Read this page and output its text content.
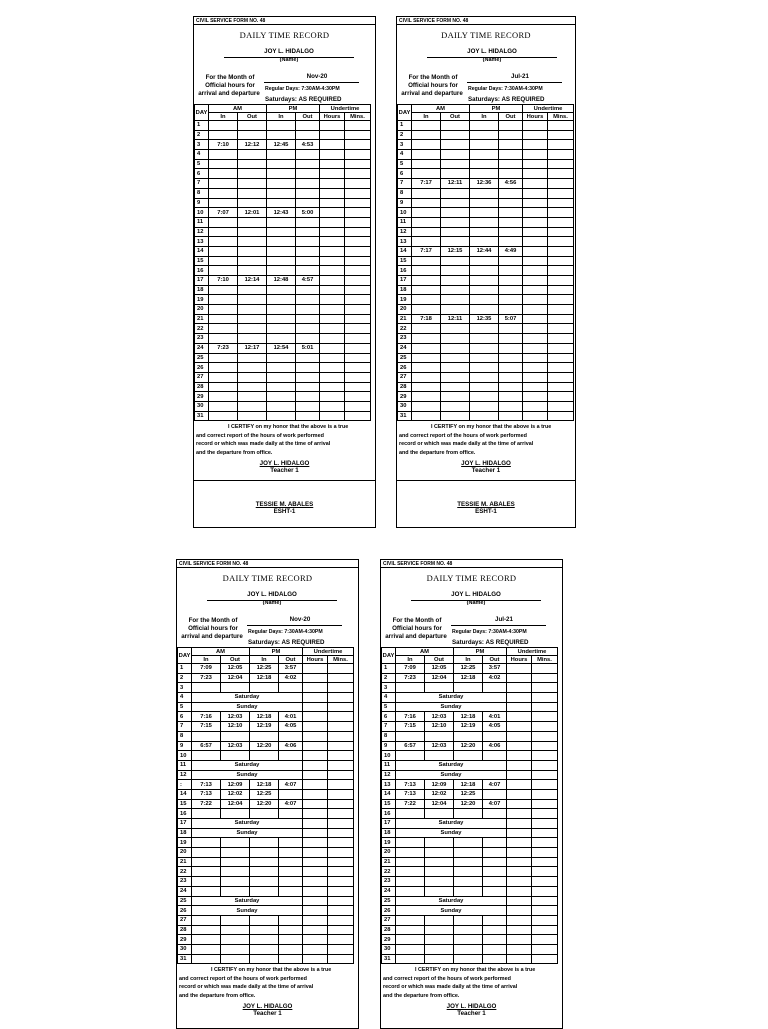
CIVIL SERVICE FORM NO. 48
DAILY TIME RECORD
JOY L. HIDALGO
(Name)
For the Month of
Official hours for
arrival and departure
Nov-20
Regular Days: 7:30AM-4:30PM
Saturdays: AS REQUIRED
DAY	AM		PM		Undertime	
	In	Out	In	Out	Hours	Mins.
1						
2						
3	7:10	12:12	12:45	4:53		
4						
5						
6						
7						
8						
9						
10	7:07	12:01	12:43	5:00		
11						
12						
13						
14						
15						
16						
17	7:10	12:14	12:48	4:57		
18						
19						
20						
21						
22						
23						
24	7:23	12:17	12:54	5:01		
25						
26						
27						
28						
29						
30						
31						
I CERTIFY on my honor that the above is a true
and correct report of the hours of work performed
record or which was made daily at the time of arrival
and the departure from office.
JOY L. HIDALGO
Teacher 1
TESSIE M. ABALES
ESHT-1
CIVIL SERVICE FORM NO. 48
DAILY TIME RECORD
JOY L. HIDALGO
(Name)
For the Month of
Official hours for
arrival and departure
Jul-21
Regular Days: 7:30AM-4:30PM
Saturdays: AS REQUIRED
DAY	AM		PM		Undertime	
	In	Out	In	Out	Hours	Mins.
1						
2						
3						
4						
5						
6						
7	7:17	12:11	12:36	4:56		
8						
9						
10						
11						
12						
13						
14	7:17	12:15	12:44	4:49		
15						
16						
17						
18						
19						
20						
21	7:18	12:11	12:35	5:07		
22						
23						
24						
25						
26						
27						
28						
29						
30						
31						
I CERTIFY on my honor that the above is a true
and correct report of the hours of work performed
record or which was made daily at the time of arrival
and the departure from office.
JOY L. HIDALGO
Teacher 1
TESSIE M. ABALES
ESHT-1
CIVIL SERVICE FORM NO. 48
DAILY TIME RECORD
JOY L. HIDALGO
(Name)
For the Month of
Official hours for
arrival and departure
Nov-20
Regular Days: 7:30AM-4:30PM
Saturdays: AS REQUIRED
DAY	AM		PM		Undertime	
	In	Out	In	Out	Hours	Mins.
1	7:09	12:05	12:25	3:57		
2	7:23	12:04	12:18	4:02		
3						
4	Saturday					
5	Sunday					
6	7:16	12:03	12:18	4:01		
7	7:15	12:10	12:19	4:05		
8						
9	6:57	12:03	12:20	4:06		
10						
11	Saturday					
12	Sunday					
:	7:13	12:09	12:18	4:07		
14	7:13	12:02	12:25			
15	7:22	12:04	12:20	4:07		
16						
17	Saturday					
18	Sunday					
19						
20						
21						
22						
23						
24						
25	Saturday					
26	Sunday					
27						
28						
29						
30						
31						
I CERTIFY on my honor that the above is a true
and correct report of the hours of work performed
record or which was made daily at the time of arrival
and the departure from office.
JOY L. HIDALGO
Teacher 1
CIVIL SERVICE FORM NO. 48
DAILY TIME RECORD
JOY L. HIDALGO
(Name)
For the Month of
Official hours for
arrival and departure
Jul-21
Regular Days: 7:30AM-4:30PM
Saturdays: AS REQUIRED
DAY	AM		PM		Undertime	
	In	Out	In	Out	Hours	Mins.
1	7:09	12:05	12:25	3:57		
2	7:23	12:04	12:18	4:02		
3						
4	Saturday					
5	Sunday					
6	7:16	12:03	12:18	4:01		
7	7:15	12:10	12:19	4:05		
8						
9	6:57	12:03	12:20	4:06		
10						
11	Saturday					
12	Sunday					
13	7:13	12:09	12:18	4:07		
14	7:13	12:02	12:25			
15	7:22	12:04	12:20	4:07		
16						
17	Saturday					
18	Sunday					
19						
20						
21						
22						
23						
24						
25	Saturday					
26	Sunday					
27						
28						
29						
30						
31						
I CERTIFY on my honor that the above is a true
and correct report of the hours of work performed
record or which was made daily at the time of arrival
and the departure from office.
JOY L. HIDALGO
Teacher 1
